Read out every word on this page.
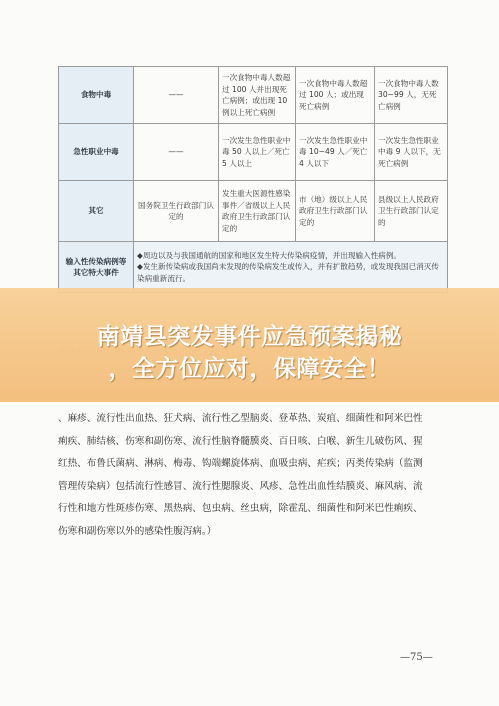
食物中毒	——	一次食物中毒人数超过 100 人并出现死亡病例；或出现 10 例以上死亡病例	一次食物中毒人数超过 100 人；或出现死亡病例	一次食物中毒人数 30~99 人，无死亡病例
急性职业中毒	——	一次发生急性职业中毒 50 人以上／死亡 5 人以上	一次发生急性职业中毒 10~49 人／死亡 4 人以下	一次发生急性职业中毒 9 人以下，无死亡病例
其它	国务院卫生行政部门认定的	发生重大医源性感染事件／省级以上人民政府卫生行政部门认定的	市（地）级以上人民政府卫生行政部门认定的	县级以上人民政府卫生行政部门认定的
输入性传染病例等其它特大事件	◆周边以及与我国通航的国家和地区发生特大传染病疫情，并出现输入性病例。
◆发生新传染病或我国尚未发现的传染病发生或传入，并有扩散趋势，或发现我国已消灭传染病重新流行。			
南靖县突发事件应急预案揭秘
，全方位应对，保障安全！

、麻疹、流行性出血热、狂犬病、流行性乙型脑炎、登革热、炭疽、细菌性和阿米巴性

痢疾、肺结核、伤寒和副伤寒、流行性脑脊髓膜炎、百日咳、白喉、新生儿破伤风、猩

红热、布鲁氏菌病、淋病、梅毒、钩端螺旋体病、血吸虫病、疟疾；丙类传染病（监测

管理传染病）包括流行性感冒、流行性腮腺炎、风疹、急性出血性结膜炎、麻风病、流

行性和地方性斑疹伤寒、黑热病、包虫病、丝虫病，除霍乱、细菌性和阿米巴性痢疾、

伤寒和副伤寒以外的感染性腹泻病。）

—75—
